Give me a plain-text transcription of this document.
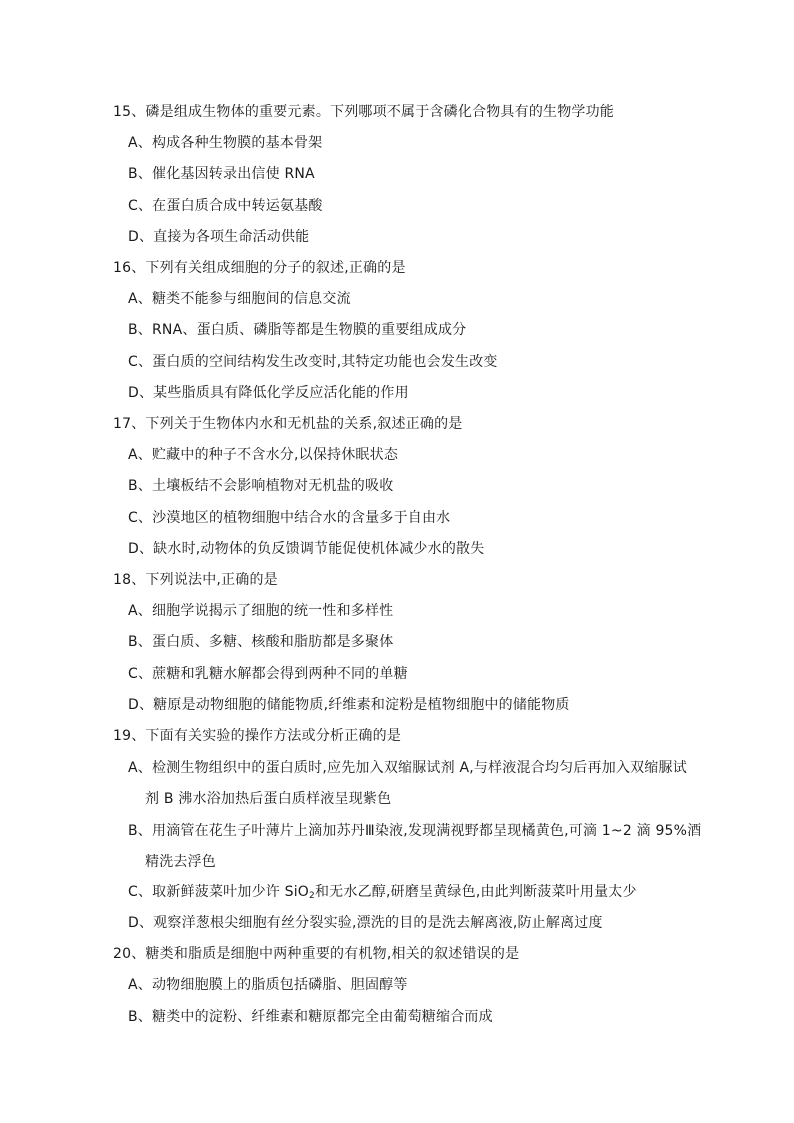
15、磷是组成生物体的重要元素。下列哪项不属于含磷化合物具有的生物学功能
A、构成各种生物膜的基本骨架
B、催化基因转录出信使 RNA
C、在蛋白质合成中转运氨基酸
D、直接为各项生命活动供能
16、下列有关组成细胞的分子的叙述,正确的是
A、糖类不能参与细胞间的信息交流
B、RNA、蛋白质、磷脂等都是生物膜的重要组成成分
C、蛋白质的空间结构发生改变时,其特定功能也会发生改变
D、某些脂质具有降低化学反应活化能的作用
17、下列关于生物体内水和无机盐的关系,叙述正确的是
A、贮藏中的种子不含水分,以保持休眠状态
B、土壤板结不会影响植物对无机盐的吸收
C、沙漠地区的植物细胞中结合水的含量多于自由水
D、缺水时,动物体的负反馈调节能促使机体减少水的散失
18、下列说法中,正确的是
A、细胞学说揭示了细胞的统一性和多样性
B、蛋白质、多糖、核酸和脂肪都是多聚体
C、蔗糖和乳糖水解都会得到两种不同的单糖
D、糖原是动物细胞的储能物质,纤维素和淀粉是植物细胞中的储能物质
19、下面有关实验的操作方法或分析正确的是
A、检测生物组织中的蛋白质时,应先加入双缩脲试剂 A,与样液混合均匀后再加入双缩脲试
剂 B 沸水浴加热后蛋白质样液呈现紫色
B、用滴管在花生子叶薄片上滴加苏丹Ⅲ染液,发现满视野都呈现橘黄色,可滴 1~2 滴 95%酒
精洗去浮色
C、取新鲜菠菜叶加少许 SiO$_2$和无水乙醇,研磨呈黄绿色,由此判断菠菜叶用量太少
D、观察洋葱根尖细胞有丝分裂实验,漂洗的目的是洗去解离液,防止解离过度
20、糖类和脂质是细胞中两种重要的有机物,相关的叙述错误的是
A、动物细胞膜上的脂质包括磷脂、胆固醇等
B、糖类中的淀粉、纤维素和糖原都完全由葡萄糖缩合而成
